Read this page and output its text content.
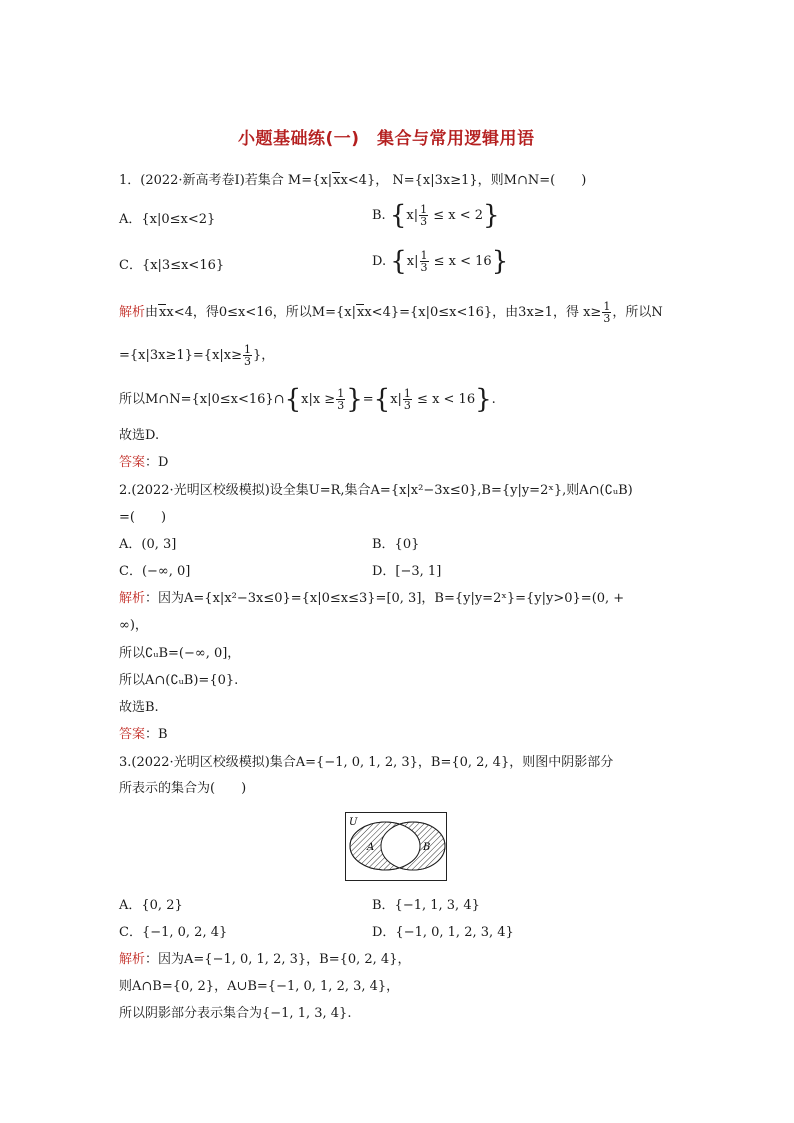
小题基础练(一)　集合与常用逻辑用语
1．(2022·新高考卷Ⅰ)若集合 M={x|xx<4}， N={x|3x≥1}，则M∩N=(　　)
A．{x|0≤x<2}	B. $\{x| \frac{1}{3} \le x < 2\}$
C．{x|3≤x<16}	D. $\{x| \frac{1}{3} \le x < 16\}$
解析由xx<4，得0≤x<16，所以M={x|xx<4}={x|0≤x<16}，由3x≥1，得 $x\ge \frac{1}{3}$ ，所以N
$=\{x|3x\ge 1\}=\{x|x\ge \frac{1}{3}$ }，
所以M∩N={x|0≤x<16}∩{x|x ≥ $\frac{1}{3} \}=\{x| \frac{1}{3} \le x < 16\}$.
故选D.
答案：D
2.(2022·光明区校级模拟)设全集U=R,集合A={x|x²−3x≤0},B={y|y=2ˣ},则A∩(∁ᵤB)
=(　　)
A．(0, 3]	B．{0}
C．(−∞, 0]	D．[−3, 1]
解析：因为A={x|x²−3x≤0}={x|0≤x≤3}=[0, 3]，B={y|y=2ˣ}={y|y>0}=(0, +
∞)，
所以∁ᵤB=(−∞, 0]，
所以A∩(∁ᵤB)={0}.
故选B.
答案：B
3.(2022·光明区校级模拟)集合A={−1, 0, 1, 2, 3}，B={0, 2, 4}，则图中阴影部分
所表示的集合为(　　)
U
A	B
A．{0, 2}	B．{−1, 1, 3, 4}
C．{−1, 0, 2, 4}	D．{−1, 0, 1, 2, 3, 4}
解析：因为A={−1, 0, 1, 2, 3}，B={0, 2, 4}，
则A∩B={0, 2}，A∪B={−1, 0, 1, 2, 3, 4}，
所以阴影部分表示集合为{−1, 1, 3, 4}.
